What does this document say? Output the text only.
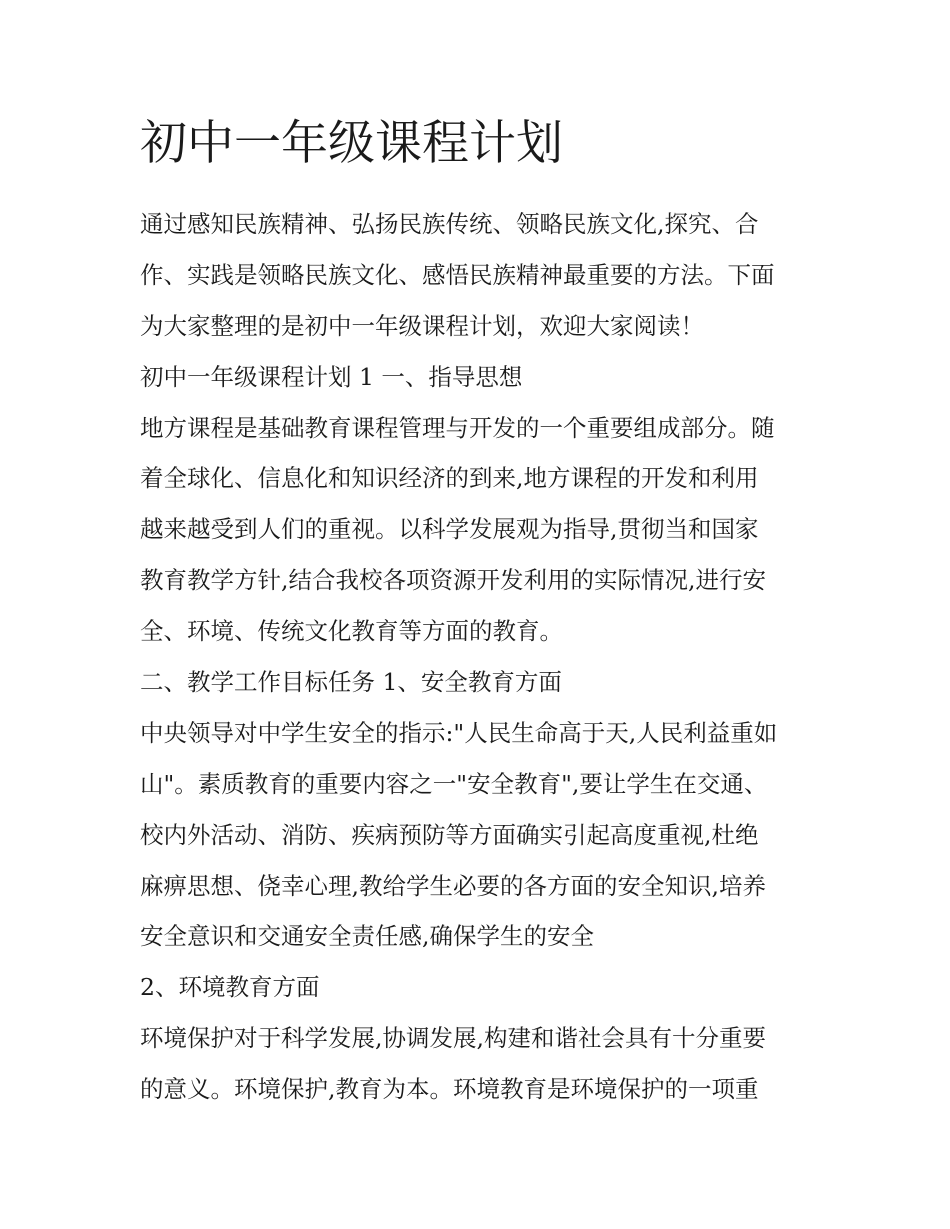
初中一年级课程计划
通过感知民族精神、弘扬民族传统、领略民族文化,探究、合
作、实践是领略民族文化、感悟民族精神最重要的方法。下面
为大家整理的是初中一年级课程计划，欢迎大家阅读！
初中一年级课程计划 1 一、指导思想
地方课程是基础教育课程管理与开发的一个重要组成部分。随
着全球化、信息化和知识经济的到来,地方课程的开发和利用
越来越受到人们的重视。以科学发展观为指导,贯彻当和国家
教育教学方针,结合我校各项资源开发利用的实际情况,进行安
全、环境、传统文化教育等方面的教育。
二、教学工作目标任务 1、安全教育方面
中央领导对中学生安全的指示:"人民生命高于天,人民利益重如
山"。素质教育的重要内容之一"安全教育",要让学生在交通、
校内外活动、消防、疾病预防等方面确实引起高度重视,杜绝
麻痹思想、侥幸心理,教给学生必要的各方面的安全知识,培养
安全意识和交通安全责任感,确保学生的安全
2、环境教育方面
环境保护对于科学发展,协调发展,构建和谐社会具有十分重要
的意义。环境保护,教育为本。环境教育是环境保护的一项重
